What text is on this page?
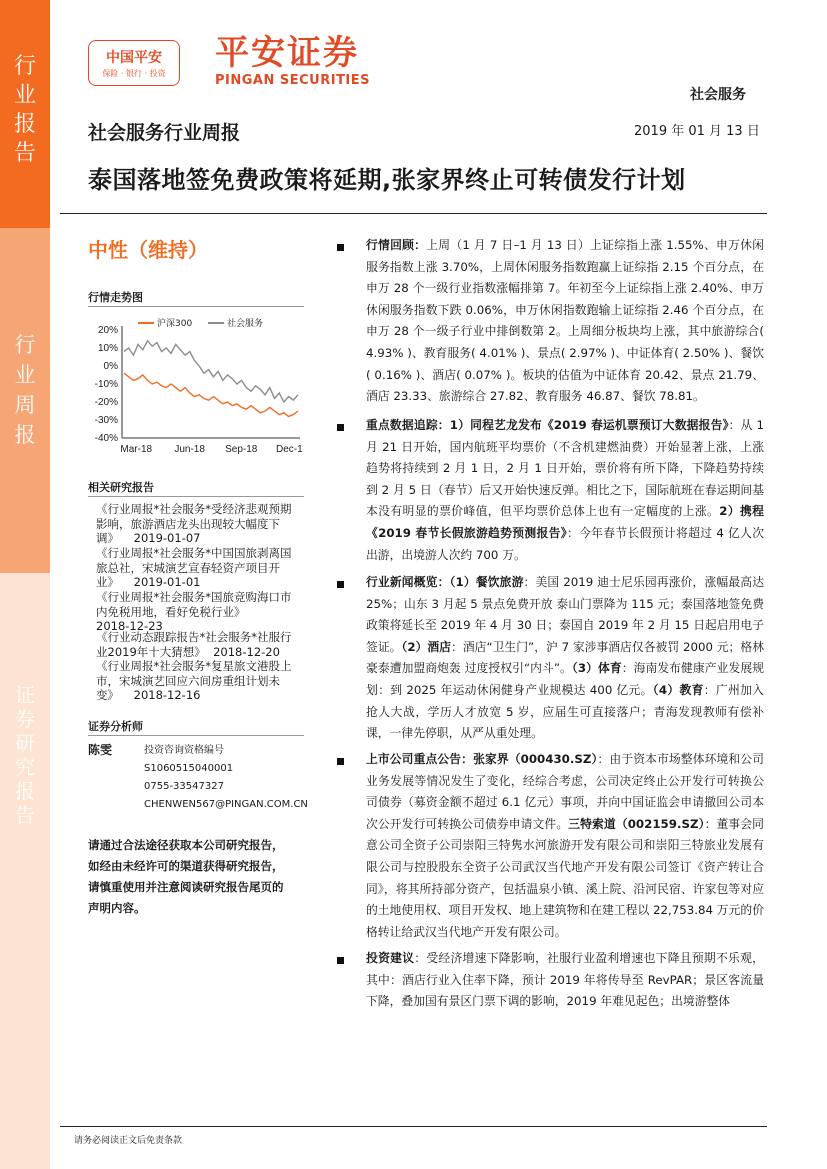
行
业
报
告
行
业
周
报
证
券
研
究
报
告
中国平安
保险 · 银行 · 投资
平安证券
PINGAN SECURITIES
社会服务
2019 年 01 月 13 日
社会服务行业周报
泰国落地签免费政策将延期,张家界终止可转债发行计划
中性（维持）
行情走势图
20%
10%
0%
-10%
-20%
-30%
-40%
Mar-18 Jun-18 Sep-18 Dec-1
沪深300	社会服务
相关研究报告
《行业周报*社会服务*受经济悲观预期影响，旅游酒店龙头出现较大幅度下调》 2019-01-07
《行业周报*社会服务*中国国旅剥离国旅总社，宋城演艺宣春轻资产项目开业》 2019-01-01
《行业周报*社会服务*国旅竞购海口市内免税用地，看好免税行业》
2018-12-23
《行业动态跟踪报告*社会服务*社服行业2019年十大猜想》 2018-12-20
《行业周报*社会服务*复星旅文港股上市，宋城演艺回应六间房重组计划未变》 2018-12-16
证券分析师
陈雯	投资咨询资格编号
S1060515040001
0755-33547327
CHENWEN567@PINGAN.COM.CN
请通过合法途径获取本公司研究报告，如经由未经许可的渠道获得研究报告，请慎重使用并注意阅读研究报告尾页的声明内容。
行情回顾：上周（1 月 7 日–1 月 13 日）上证综指上涨 1.55%、申万休闲服务指数上涨 3.70%，上周休闲服务指数跑赢上证综指 2.15 个百分点，在申万 28 个一级行业指数涨幅排第 7。年初至今上证综指上涨 2.40%、申万休闲服务指数下跌 0.06%，申万休闲指数跑输上证综指 2.46 个百分点，在申万 28 个一级子行业中排倒数第 2。上周细分板块均上涨，其中旅游综合( 4.93% )、教育服务( 4.01% )、景点( 2.97% )、中证体育( 2.50% )、餐饮( 0.16% )、酒店( 0.07% )。板块的估值为中证体育 20.42、景点 21.79、酒店 23.33、旅游综合 27.82、教育服务 46.87、餐饮 78.81。
重点数据追踪：1）同程艺龙发布《2019 春运机票预订大数据报告》：从 1 月 21 日开始，国内航班平均票价（不含机建燃油费）开始显著上涨，上涨趋势将持续到 2 月 1 日，2 月 1 日开始，票价将有所下降，下降趋势持续到 2 月 5 日（春节）后又开始快速反弹。相比之下，国际航班在春运期间基本没有明显的票价峰值，但平均票价总体上也有一定幅度的上涨。2）携程《2019 春节长假旅游趋势预测报告》：今年春节长假预计将超过 4 亿人次出游，出境游人次约 700 万。
行业新闻概览：（1）餐饮旅游：美国 2019 迪士尼乐园再涨价，涨幅最高达 25%；山东 3 月起 5 景点免费开放 泰山门票降为 115 元；泰国落地签免费政策将延长至 2019 年 4 月 30 日；泰国自 2019 年 2 月 15 日起启用电子签证。（2）酒店：酒店“卫生门”，沪 7 家涉事酒店仅各被罚 2000 元；格林豪泰遭加盟商炮轰 过度授权引“内斗”。（3）体育：海南发布健康产业发展规划：到 2025 年运动休闲健身产业规模达 400 亿元。（4）教育：广州加入抢人大战，学历人才放宽 5 岁，应届生可直接落户；青海发现教师有偿补课，一律先停职，从严从重处理。
上市公司重点公告：张家界（000430.SZ）：由于资本市场整体环境和公司业务发展等情况发生了变化，经综合考虑，公司决定终止公开发行可转换公司债券（募资金额不超过 6.1 亿元）事项，并向中国证监会申请撤回公司本次公开发行可转换公司债券申请文件。三特索道（002159.SZ）：董事会同意公司全资子公司崇阳三特隽水河旅游开发有限公司和崇阳三特旅业发展有限公司与控股股东全资子公司武汉当代地产开发有限公司签订《资产转让合同》，将其所持部分资产，包括温泉小镇、溪上院、沿河民宿、许家包等对应的土地使用权、项目开发权、地上建筑物和在建工程以 22,753.84 万元的价格转让给武汉当代地产开发有限公司。
投资建议：受经济增速下降影响，社服行业盈利增速也下降且预期不乐观，其中：酒店行业入住率下降，预计 2019 年将传导至 RevPAR；景区客流量下降，叠加国有景区门票下调的影响，2019 年难见起色；出境游整体
请务必阅读正文后免责条款
